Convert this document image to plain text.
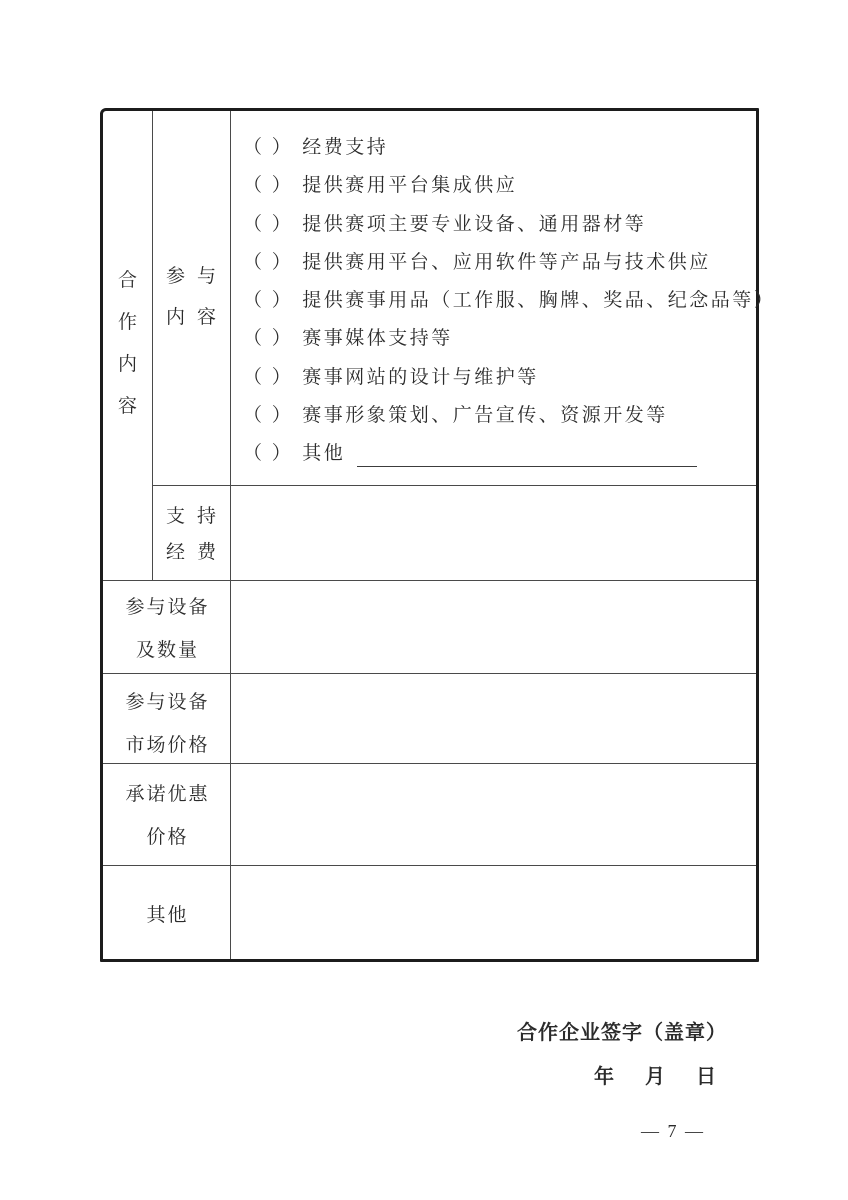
合
作
内
容
参与
内容
（ ） 经费支持
（ ） 提供赛用平台集成供应
（ ） 提供赛项主要专业设备、通用器材等
（ ） 提供赛用平台、应用软件等产品与技术供应
（ ） 提供赛事用品（工作服、胸牌、奖品、纪念品等）
（ ） 赛事媒体支持等
（ ） 赛事网站的设计与维护等
（ ） 赛事形象策划、广告宣传、资源开发等
（ ） 其他
支持
经费
参与设备
及数量
参与设备
市场价格
承诺优惠
价格
其他
合作企业签字（盖章）
年 月 日
— 7 —
